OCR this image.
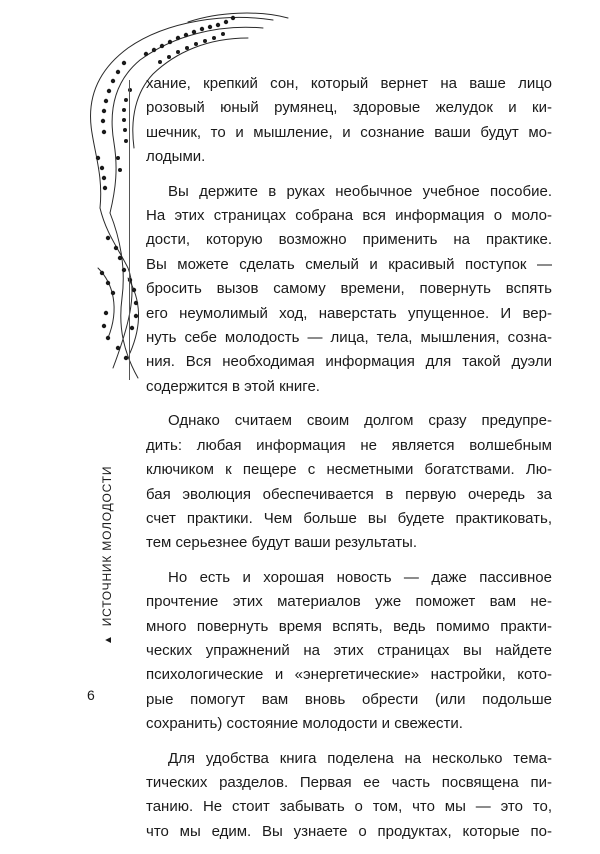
хание, крепкий сон, который вернет на ваше лицо
розовый юный румянец, здоровые желудок и ки-
шечник, то и мышление, и сознание ваши будут мо-
лодыми.

Вы держите в руках необычное учебное пособие.
На этих страницах собрана вся информация о моло-
дости, которую возможно применить на практике.
Вы можете сделать смелый и красивый поступок —
бросить вызов самому времени, повернуть вспять
его неумолимый ход, наверстать упущенное. И вер-
нуть себе молодость — лица, тела, мышления, созна-
ния. Вся необходимая информация для такой дуэли
содержится в этой книге.

Однако считаем своим долгом сразу предупре-
дить: любая информация не является волшебным
ключиком к пещере с несметными богатствами. Лю-
бая эволюция обеспечивается в первую очередь за
счет практики. Чем больше вы будете практиковать,
тем серьезнее будут ваши результаты.

Но есть и хорошая новость — даже пассивное
прочтение этих материалов уже поможет вам не-
много повернуть время вспять, ведь помимо практи-
ческих упражнений на этих страницах вы найдете
психологические и «энергетические» настройки, кото-
рые помогут вам вновь обрести (или подольше
сохранить) состояние молодости и свежести.

Для удобства книга поделена на несколько тема-
тических разделов. Первая ее часть посвящена пи-
танию. Не стоит забывать о том, что мы — это то,
что мы едим. Вы узнаете о продуктах, которые по-

▲ИСТОЧНИК МОЛОДОСТИ
6
